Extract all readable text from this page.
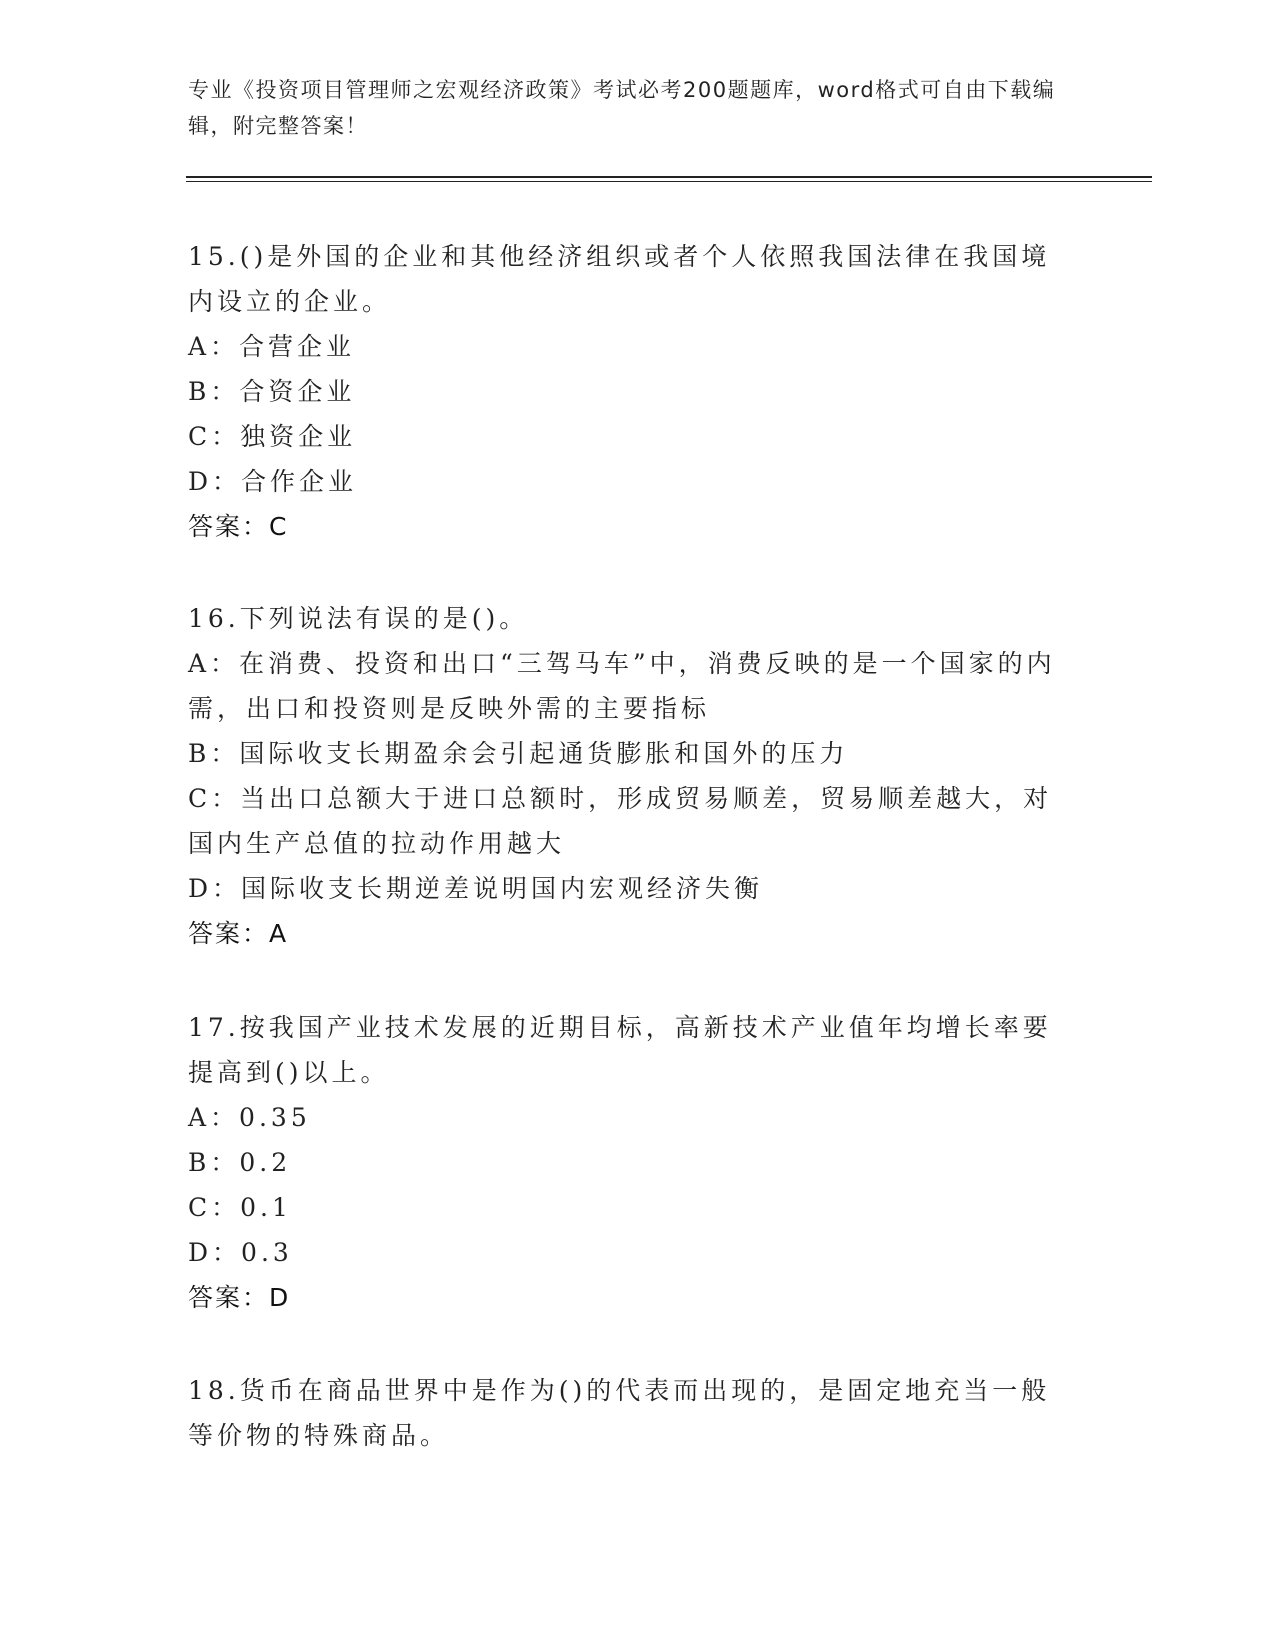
专业《投资项目管理师之宏观经济政策》考试必考200题题库，word格式可自由下载编辑，附完整答案！

15.()是外国的企业和其他经济组织或者个人依照我国法律在我国境内设立的企业。

A：合营企业

B：合资企业

C：独资企业

D：合作企业

答案：C

16.下列说法有误的是()。

A：在消费、投资和出口“三驾马车”中，消费反映的是一个国家的内需，出口和投资则是反映外需的主要指标

B：国际收支长期盈余会引起通货膨胀和国外的压力

C：当出口总额大于进口总额时，形成贸易顺差，贸易顺差越大，对国内生产总值的拉动作用越大

D：国际收支长期逆差说明国内宏观经济失衡

答案：A

17.按我国产业技术发展的近期目标，高新技术产业值年均增长率要提高到()以上。

A：0.35

B：0.2

C：0.1

D：0.3

答案：D

18.货币在商品世界中是作为()的代表而出现的，是固定地充当一般等价物的特殊商品。
